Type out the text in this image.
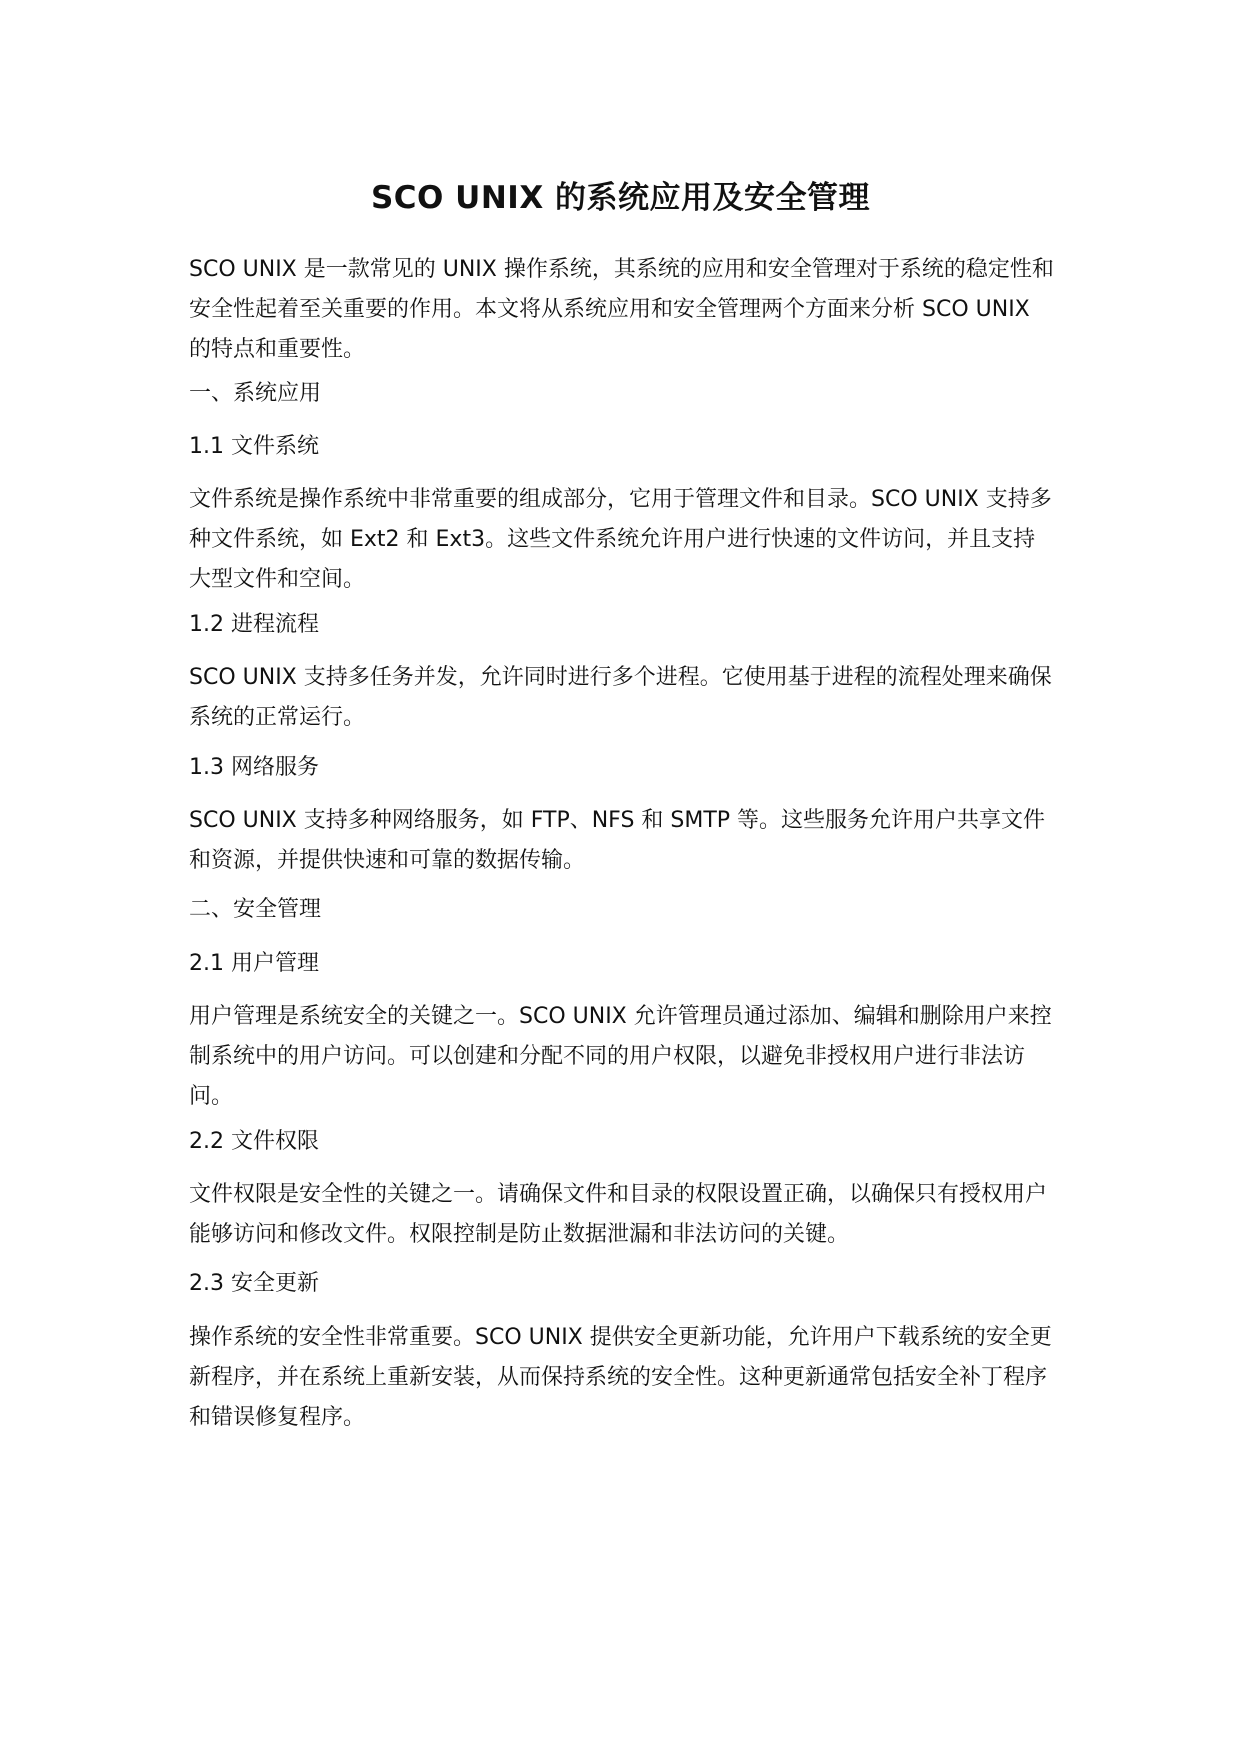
SCO UNIX 的系统应用及安全管理

SCO UNIX 是一款常见的 UNIX 操作系统，其系统的应用和安全管理对于系统的稳定性和安全性起着至关重要的作用。本文将从系统应用和安全管理两个方面来分析 SCO UNIX 的特点和重要性。

一、系统应用

1.1 文件系统

文件系统是操作系统中非常重要的组成部分，它用于管理文件和目录。SCO UNIX 支持多种文件系统，如 Ext2 和 Ext3。这些文件系统允许用户进行快速的文件访问，并且支持大型文件和空间。

1.2 进程流程

SCO UNIX 支持多任务并发，允许同时进行多个进程。它使用基于进程的流程处理来确保系统的正常运行。

1.3 网络服务

SCO UNIX 支持多种网络服务，如 FTP、NFS 和 SMTP 等。这些服务允许用户共享文件和资源，并提供快速和可靠的数据传输。

二、安全管理

2.1 用户管理

用户管理是系统安全的关键之一。SCO UNIX 允许管理员通过添加、编辑和删除用户来控制系统中的用户访问。可以创建和分配不同的用户权限，以避免非授权用户进行非法访问。

2.2 文件权限

文件权限是安全性的关键之一。请确保文件和目录的权限设置正确，以确保只有授权用户能够访问和修改文件。权限控制是防止数据泄漏和非法访问的关键。

2.3 安全更新

操作系统的安全性非常重要。SCO UNIX 提供安全更新功能，允许用户下载系统的安全更新程序，并在系统上重新安装，从而保持系统的安全性。这种更新通常包括安全补丁程序和错误修复程序。
